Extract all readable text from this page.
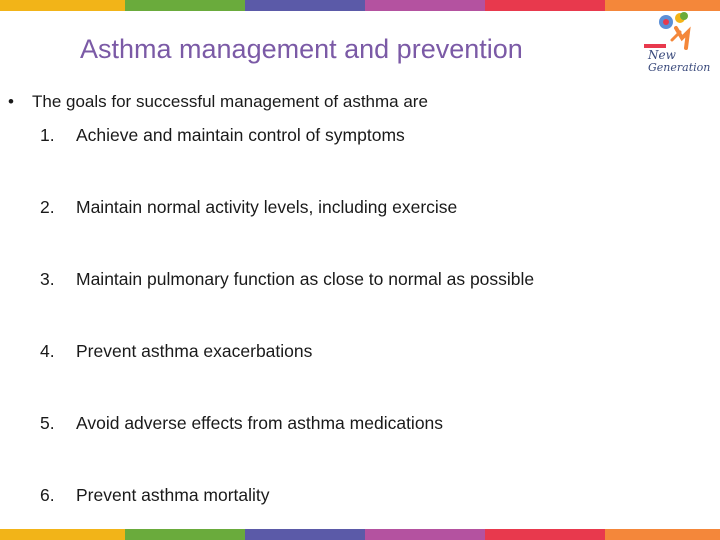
Asthma management and prevention	New
Generation
• The goals for successful management of asthma are
1. Achieve and maintain control of symptoms
2. Maintain normal activity levels, including exercise
3. Maintain pulmonary function as close to normal as possible
4. Prevent asthma exacerbations
5. Avoid adverse effects from asthma medications
6. Prevent asthma mortality
